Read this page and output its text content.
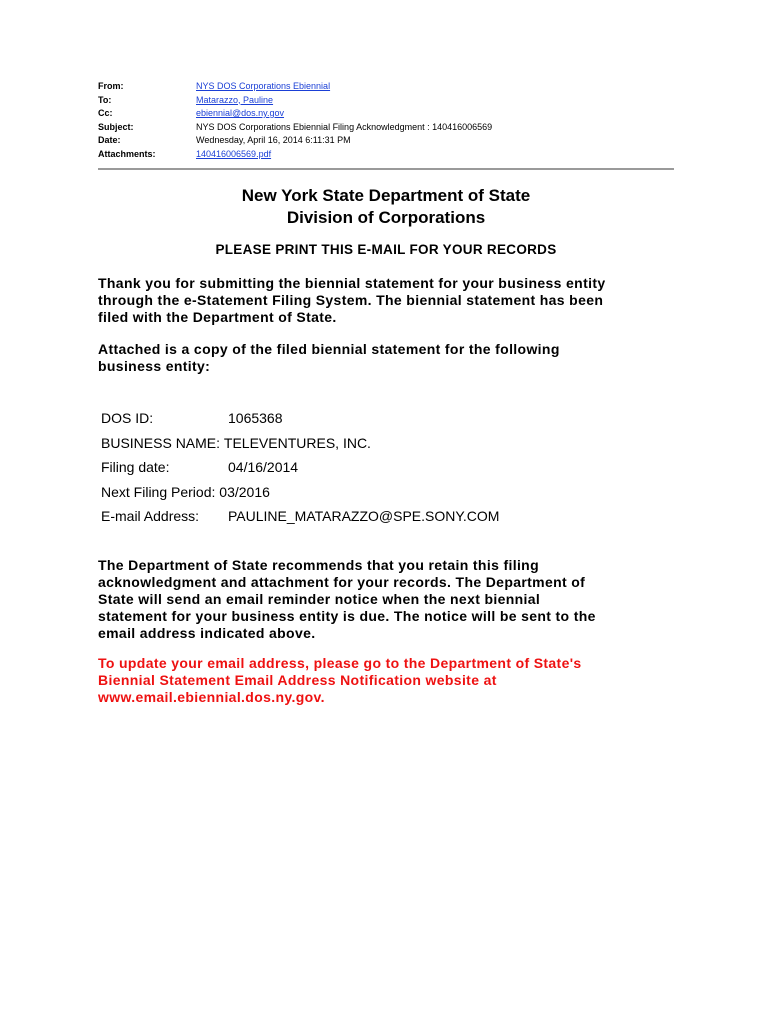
From:	NYS DOS Corporations Ebiennial
To:	Matarazzo, Pauline
Cc:	ebiennial@dos.ny.gov
Subject:	NYS DOS Corporations Ebiennial Filing Acknowledgment : 140416006569
Date:	Wednesday, April 16, 2014 6:11:31 PM
Attachments:	140416006569.pdf
New York State Department of State
Division of Corporations
PLEASE PRINT THIS E-MAIL FOR YOUR RECORDS
Thank you for submitting the biennial statement for your business entity
through the e-Statement Filing System. The biennial statement has been
filed with the Department of State.
Attached is a copy of the filed biennial statement for the following
business entity:
DOS ID:	1065368
BUSINESS NAME:
TELEVENTURES, INC.
Filing date:	04/16/2014
Next Filing Period:
03/2016
E-mail Address:	PAULINE_MATARAZZO@SPE.SONY.COM
The Department of State recommends that you retain this filing
acknowledgment and attachment for your records. The Department of
State will send an email reminder notice when the next biennial
statement for your business entity is due. The notice will be sent to the
email address indicated above.
To update your email address, please go to the Department of State's
Biennial Statement Email Address Notification website at
www.email.ebiennial.dos.ny.gov.
